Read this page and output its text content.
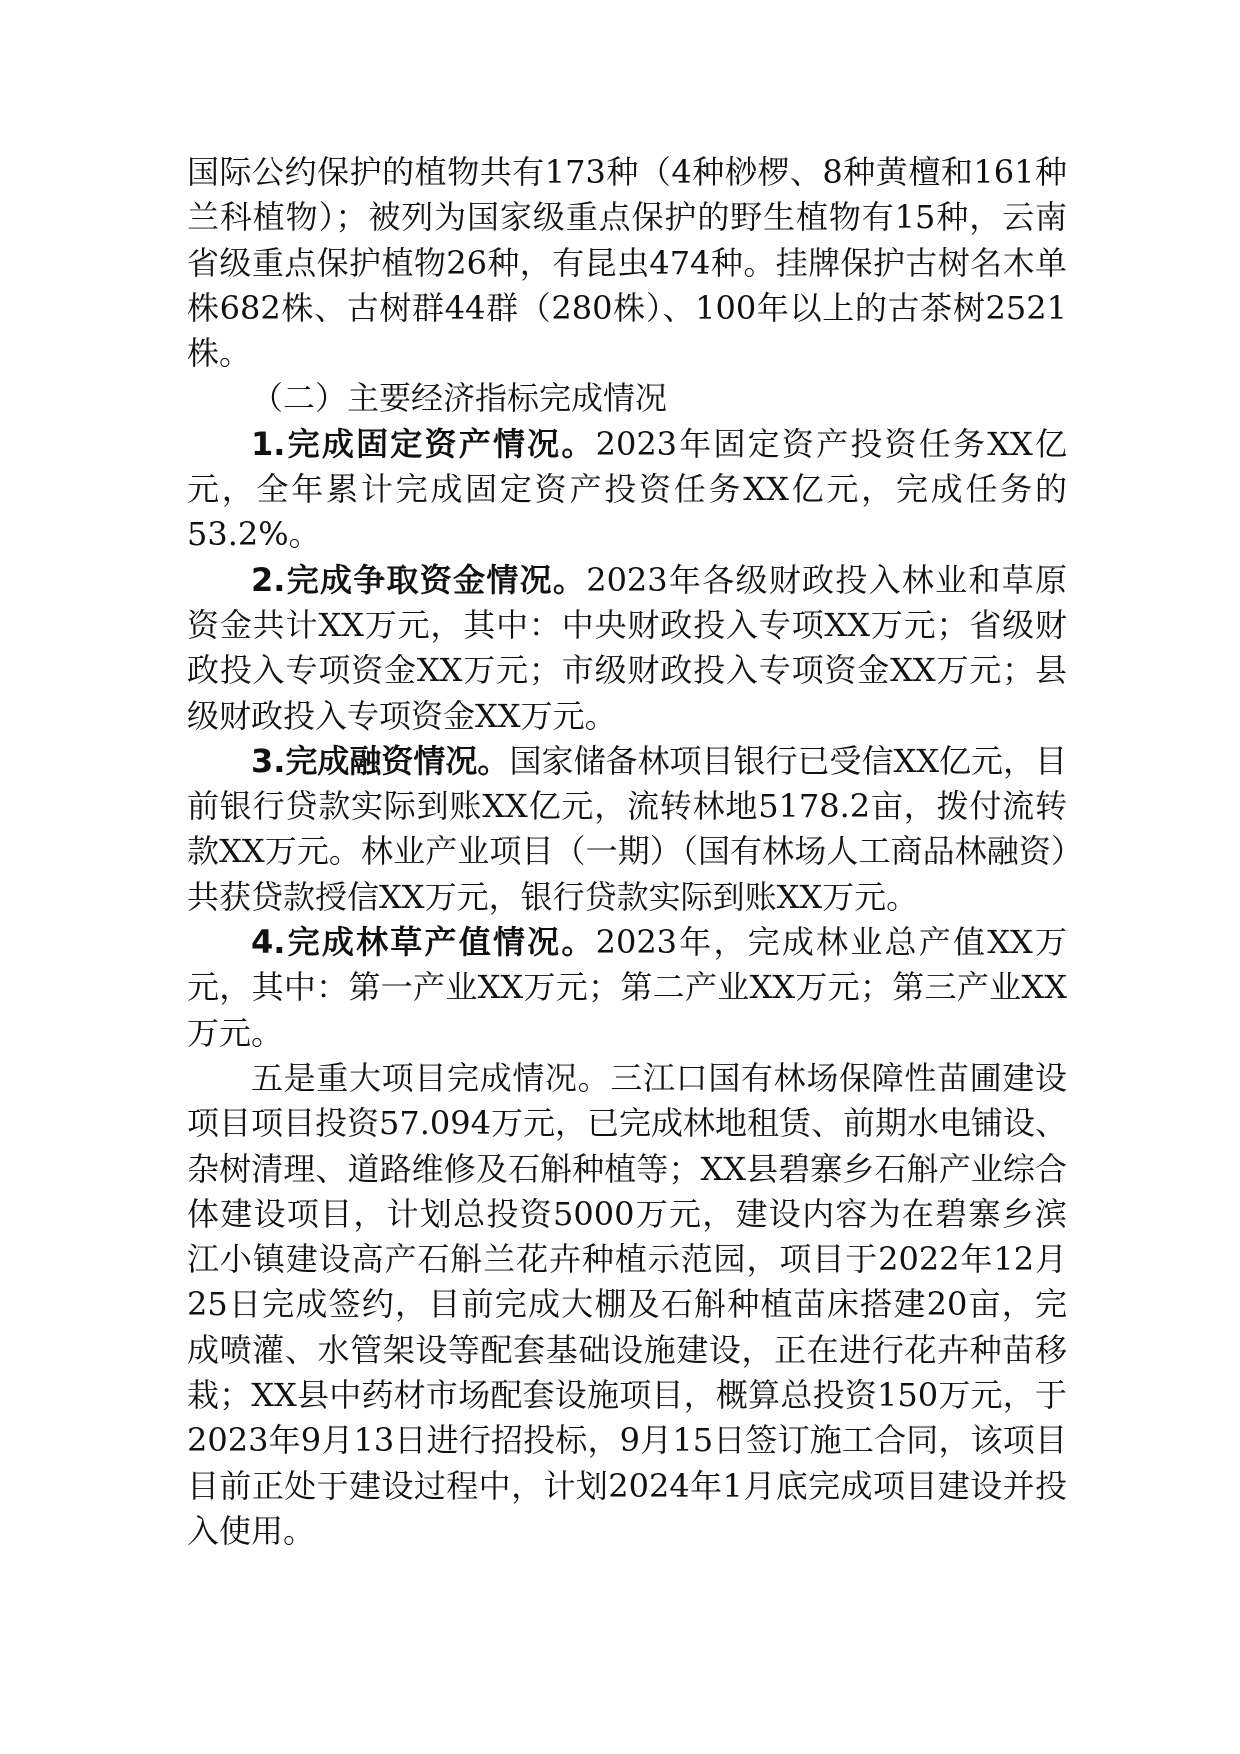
国际公约保护的植物共有173种（4种桫椤、8种黄檀和161种兰科植物）；被列为国家级重点保护的野生植物有15种，云南省级重点保护植物26种，有昆虫474种。挂牌保护古树名木单株682株、古树群44群（280株）、100年以上的古茶树2521株。

（二）主要经济指标完成情况

1.完成固定资产情况。2023年固定资产投资任务XX亿元，全年累计完成固定资产投资任务XX亿元，完成任务的53.2%。

2.完成争取资金情况。2023年各级财政投入林业和草原资金共计XX万元，其中：中央财政投入专项XX万元；省级财政投入专项资金XX万元；市级财政投入专项资金XX万元；县级财政投入专项资金XX万元。

3.完成融资情况。国家储备林项目银行已受信XX亿元，目前银行贷款实际到账XX亿元，流转林地5178.2亩，拨付流转款XX万元。林业产业项目（一期）（国有林场人工商品林融资）共获贷款授信XX万元，银行贷款实际到账XX万元。

4.完成林草产值情况。2023年，完成林业总产值XX万元，其中：第一产业XX万元；第二产业XX万元；第三产业XX万元。

五是重大项目完成情况。三江口国有林场保障性苗圃建设项目项目投资57.094万元，已完成林地租赁、前期水电铺设、杂树清理、道路维修及石斛种植等；XX县碧寨乡石斛产业综合体建设项目，计划总投资5000万元，建设内容为在碧寨乡滨江小镇建设高产石斛兰花卉种植示范园，项目于2022年12月25日完成签约，目前完成大棚及石斛种植苗床搭建20亩，完成喷灌、水管架设等配套基础设施建设，正在进行花卉种苗移栽；XX县中药材市场配套设施项目，概算总投资150万元，于2023年9月13日进行招投标，9月15日签订施工合同，该项目目前正处于建设过程中，计划2024年1月底完成项目建设并投入使用。
